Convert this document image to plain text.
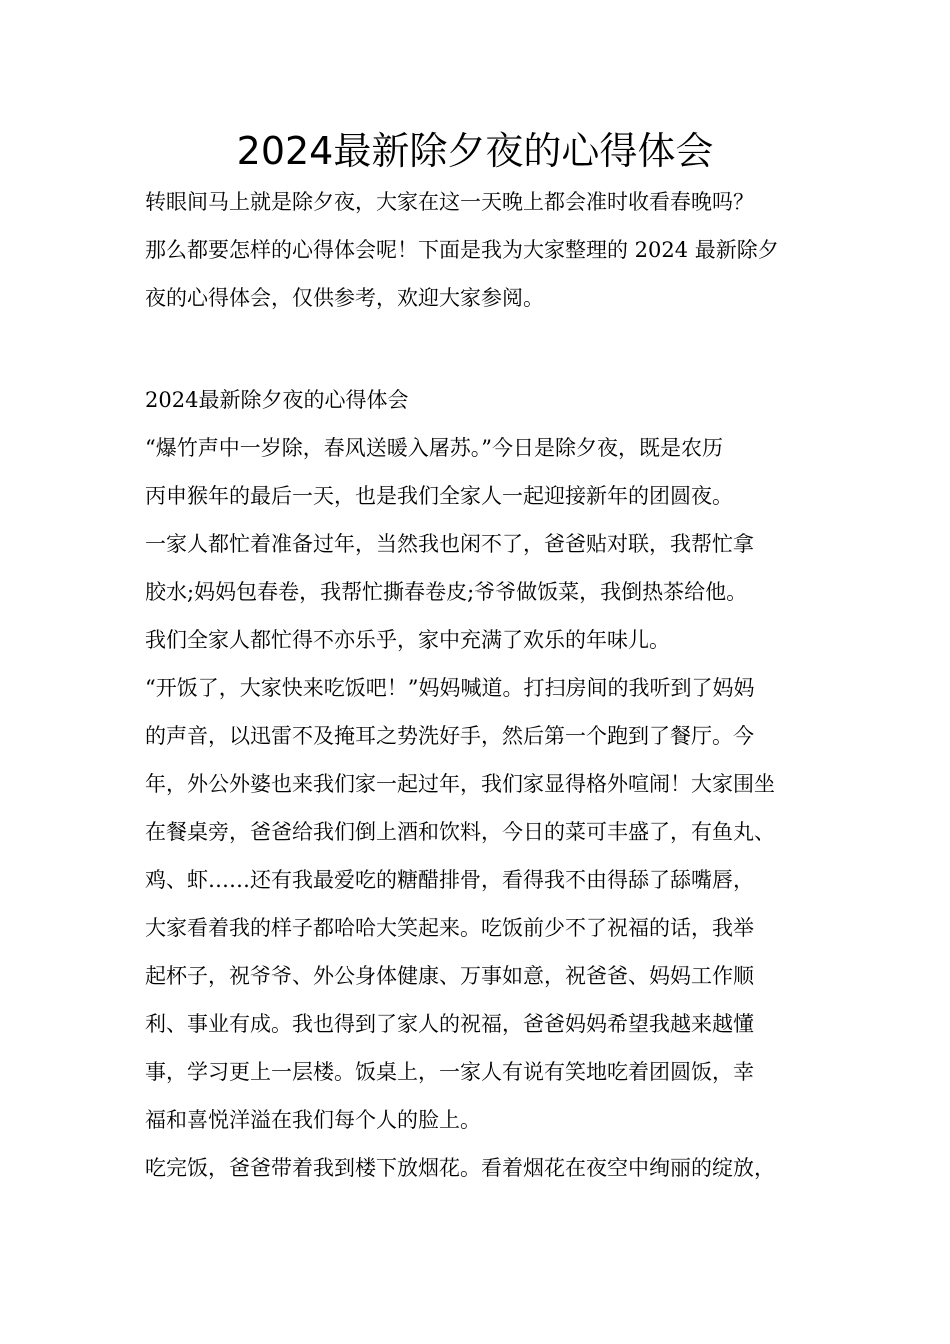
2024最新除夕夜的心得体会
转眼间马上就是除夕夜，大家在这一天晚上都会准时收看春晚吗？
那么都要怎样的心得体会呢！下面是我为大家整理的 2024 最新除夕
夜的心得体会，仅供参考，欢迎大家参阅。
2024最新除夕夜的心得体会
“爆竹声中一岁除，春风送暖入屠苏。”今日是除夕夜，既是农历
丙申猴年的最后一天，也是我们全家人一起迎接新年的团圆夜。
一家人都忙着准备过年，当然我也闲不了，爸爸贴对联，我帮忙拿
胶水;妈妈包春卷，我帮忙撕春卷皮;爷爷做饭菜，我倒热茶给他。
我们全家人都忙得不亦乐乎，家中充满了欢乐的年味儿。
“开饭了，大家快来吃饭吧！”妈妈喊道。打扫房间的我听到了妈妈
的声音，以迅雷不及掩耳之势洗好手，然后第一个跑到了餐厅。今
年，外公外婆也来我们家一起过年，我们家显得格外喧闹！大家围坐
在餐桌旁，爸爸给我们倒上酒和饮料，今日的菜可丰盛了，有鱼丸、
鸡、虾……还有我最爱吃的糖醋排骨，看得我不由得舔了舔嘴唇，
大家看着我的样子都哈哈大笑起来。吃饭前少不了祝福的话，我举
起杯子，祝爷爷、外公身体健康、万事如意，祝爸爸、妈妈工作顺
利、事业有成。我也得到了家人的祝福，爸爸妈妈希望我越来越懂
事，学习更上一层楼。饭桌上，一家人有说有笑地吃着团圆饭，幸
福和喜悦洋溢在我们每个人的脸上。
吃完饭，爸爸带着我到楼下放烟花。看着烟花在夜空中绚丽的绽放，
